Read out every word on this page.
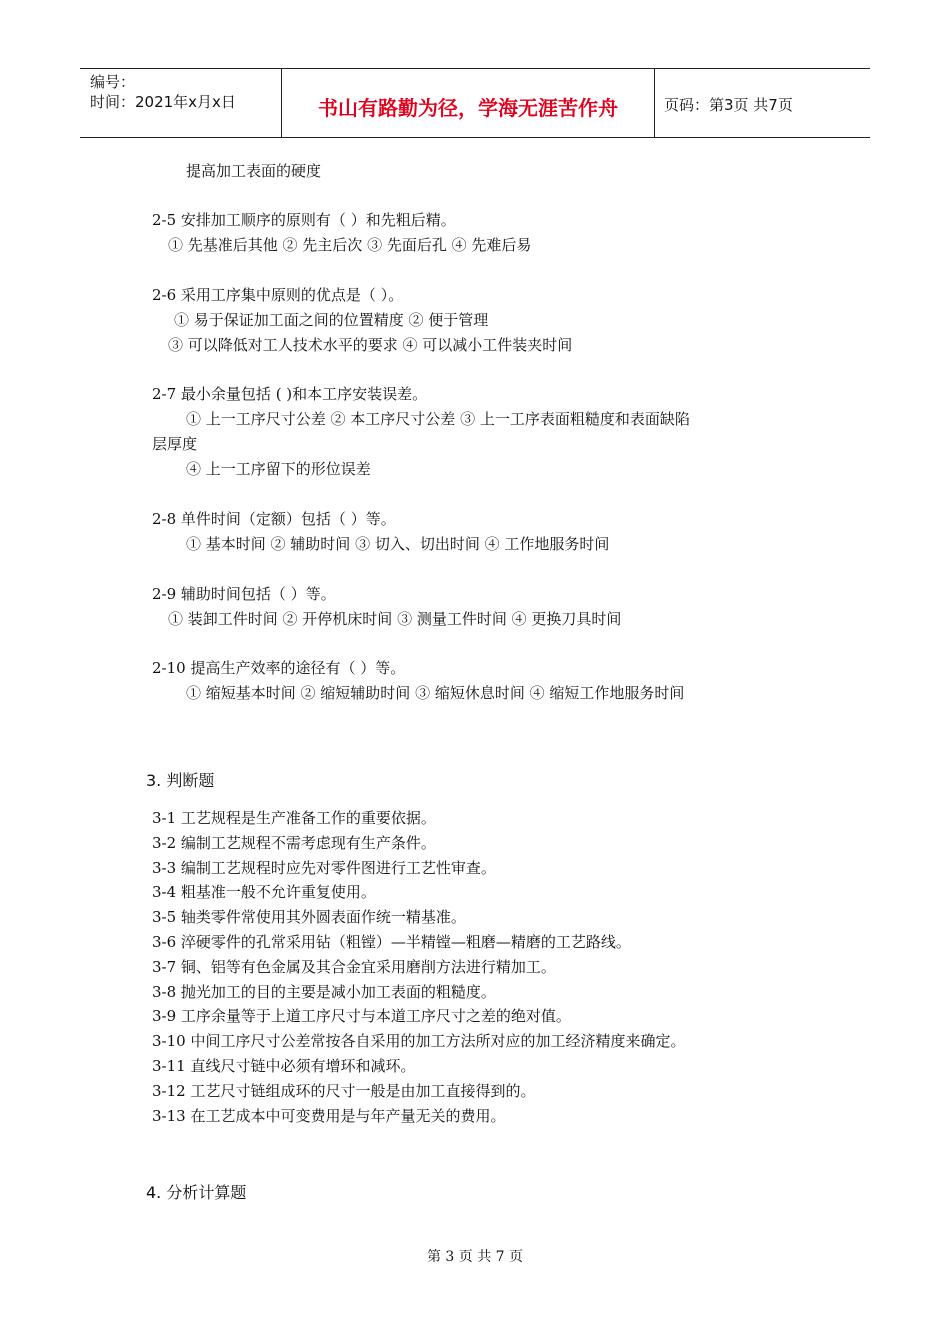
编号：
时间：2021年x月x日	书山有路勤为径，学海无涯苦作舟	页码：第3页 共7页
提高加工表面的硬度
2-5 安排加工顺序的原则有（ ）和先粗后精。
① 先基准后其他 ② 先主后次 ③ 先面后孔 ④ 先难后易
2-6 采用工序集中原则的优点是（ ）。
① 易于保证加工面之间的位置精度 ② 便于管理
③ 可以降低对工人技术水平的要求 ④ 可以减小工件装夹时间
2-7 最小余量包括 ( )和本工序安装误差。
① 上一工序尺寸公差 ② 本工序尺寸公差 ③ 上一工序表面粗糙度和表面缺陷
层厚度
④ 上一工序留下的形位误差
2-8 单件时间（定额）包括（ ）等。
① 基本时间 ② 辅助时间 ③ 切入、切出时间 ④ 工作地服务时间
2-9 辅助时间包括（ ）等。
① 装卸工件时间 ② 开停机床时间 ③ 测量工件时间 ④ 更换刀具时间
2-10 提高生产效率的途径有（ ）等。
① 缩短基本时间 ② 缩短辅助时间 ③ 缩短休息时间 ④ 缩短工作地服务时间
3. 判断题
3-1 工艺规程是生产准备工作的重要依据。
3-2 编制工艺规程不需考虑现有生产条件。
3-3 编制工艺规程时应先对零件图进行工艺性审查。
3-4 粗基准一般不允许重复使用。
3-5 轴类零件常使用其外圆表面作统一精基准。
3-6 淬硬零件的孔常采用钻（粗镗）—半精镗—粗磨—精磨的工艺路线。
3-7 铜、铝等有色金属及其合金宜采用磨削方法进行精加工。
3-8 抛光加工的目的主要是减小加工表面的粗糙度。
3-9 工序余量等于上道工序尺寸与本道工序尺寸之差的绝对值。
3-10 中间工序尺寸公差常按各自采用的加工方法所对应的加工经济精度来确定。
3-11 直线尺寸链中必须有增环和减环。
3-12 工艺尺寸链组成环的尺寸一般是由加工直接得到的。
3-13 在工艺成本中可变费用是与年产量无关的费用。
4. 分析计算题
第 3 页 共 7 页
